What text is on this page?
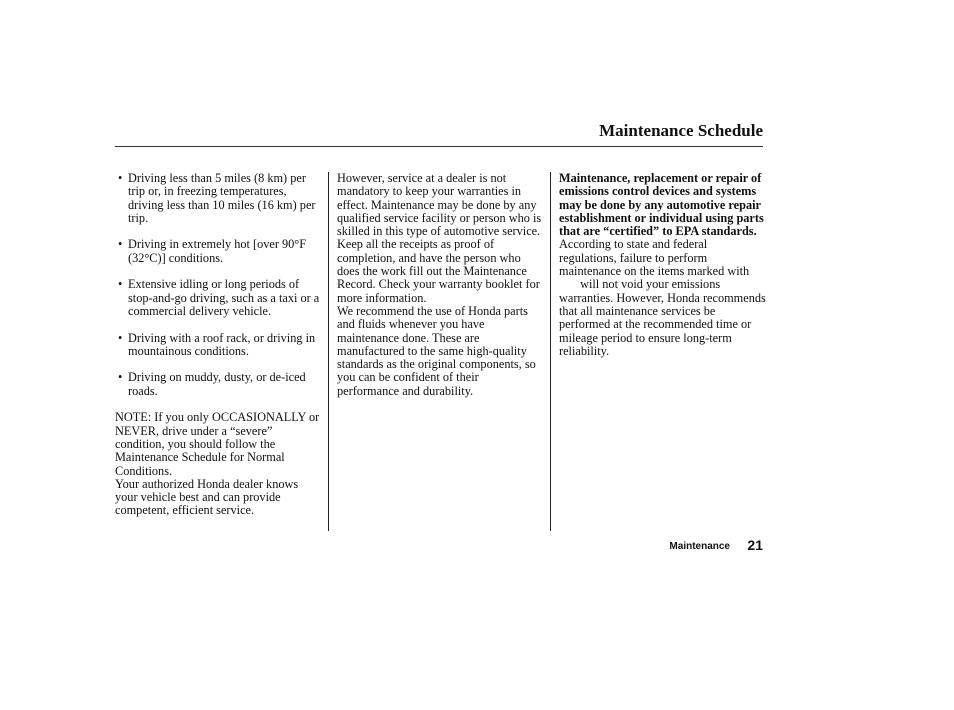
Maintenance Schedule
• Driving less than 5 miles (8 km) per trip or, in freezing temperatures, driving less than 10 miles (16 km) per trip.
• Driving in extremely hot [over 90°F (32°C)] conditions.
• Extensive idling or long periods of stop-and-go driving, such as a taxi or a commercial delivery vehicle.
• Driving with a roof rack, or driving in mountainous conditions.
• Driving on muddy, dusty, or de-iced roads.

NOTE: If you only OCCASIONALLY or NEVER, drive under a “severe” condition, you should follow the Maintenance Schedule for Normal Conditions.

Your authorized Honda dealer knows your vehicle best and can provide competent, efficient service.

However, service at a dealer is not mandatory to keep your warranties in effect. Maintenance may be done by any qualified service facility or person who is skilled in this type of automotive service. Keep all the receipts as proof of completion, and have the person who does the work fill out the Maintenance Record. Check your warranty booklet for more information.

We recommend the use of Honda parts and fluids whenever you have maintenance done. These are manufactured to the same high-quality standards as the original components, so you can be confident of their performance and durability.

Maintenance, replacement or repair of emissions control devices and systems may be done by any automotive repair establishment or individual using parts that are “certified” to EPA standards.

According to state and federal regulations, failure to perform maintenance on the items marked with  will not void your emissions warranties. However, Honda recommends that all maintenance services be performed at the recommended time or mileage period to ensure long-term reliability.

Maintenance	21
